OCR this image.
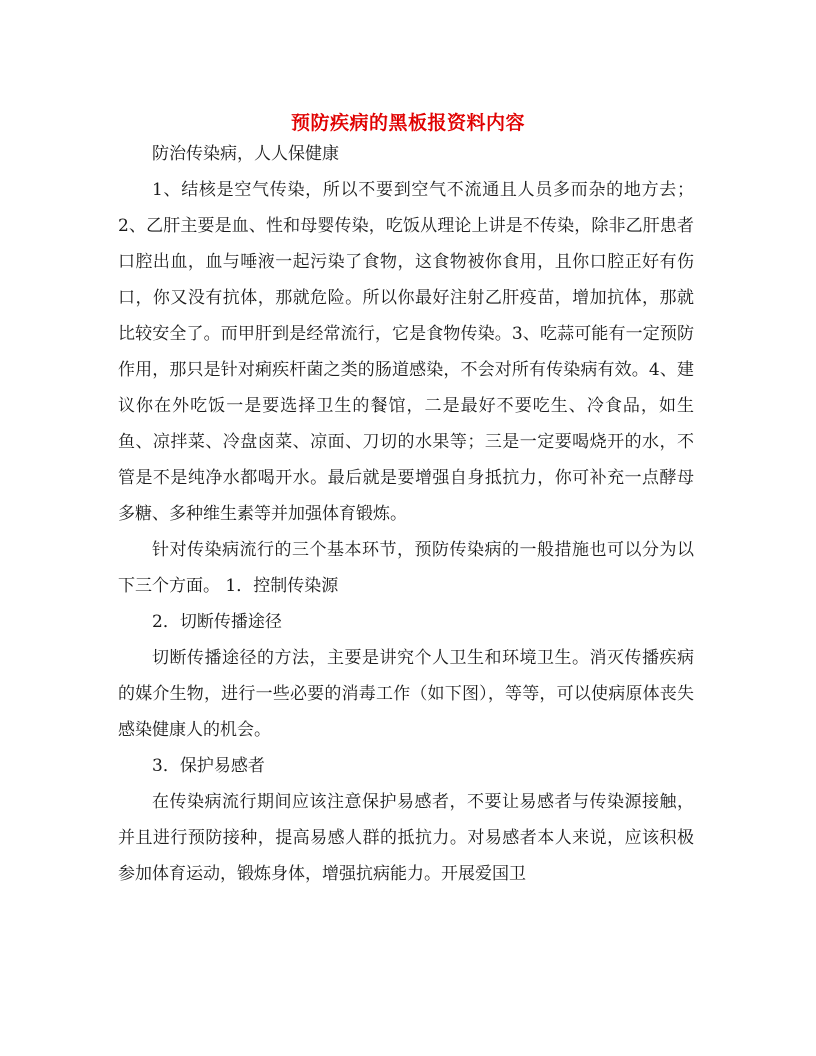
预防疾病的黑板报资料内容

防治传染病，人人保健康

1、结核是空气传染，所以不要到空气不流通且人员多而杂的地方去；2、乙肝主要是血、性和母婴传染，吃饭从理论上讲是不传染，除非乙肝患者口腔出血，血与唾液一起污染了食物，这食物被你食用，且你口腔正好有伤口，你又没有抗体，那就危险。所以你最好注射乙肝疫苗，增加抗体，那就比较安全了。而甲肝到是经常流行，它是食物传染。3、吃蒜可能有一定预防作用，那只是针对痢疾杆菌之类的肠道感染，不会对所有传染病有效。4、建议你在外吃饭一是要选择卫生的餐馆，二是最好不要吃生、冷食品，如生鱼、凉拌菜、冷盘卤菜、凉面、刀切的水果等；三是一定要喝烧开的水，不管是不是纯净水都喝开水。最后就是要增强自身抵抗力，你可补充一点酵母多糖、多种维生素等并加强体育锻炼。

针对传染病流行的三个基本环节，预防传染病的一般措施也可以分为以下三个方面。 1．控制传染源

2．切断传播途径

切断传播途径的方法，主要是讲究个人卫生和环境卫生。消灭传播疾病的媒介生物，进行一些必要的消毒工作（如下图），等等，可以使病原体丧失感染健康人的机会。

3．保护易感者

在传染病流行期间应该注意保护易感者，不要让易感者与传染源接触，并且进行预防接种，提高易感人群的抵抗力。对易感者本人来说，应该积极参加体育运动，锻炼身体，增强抗病能力。开展爱国卫
